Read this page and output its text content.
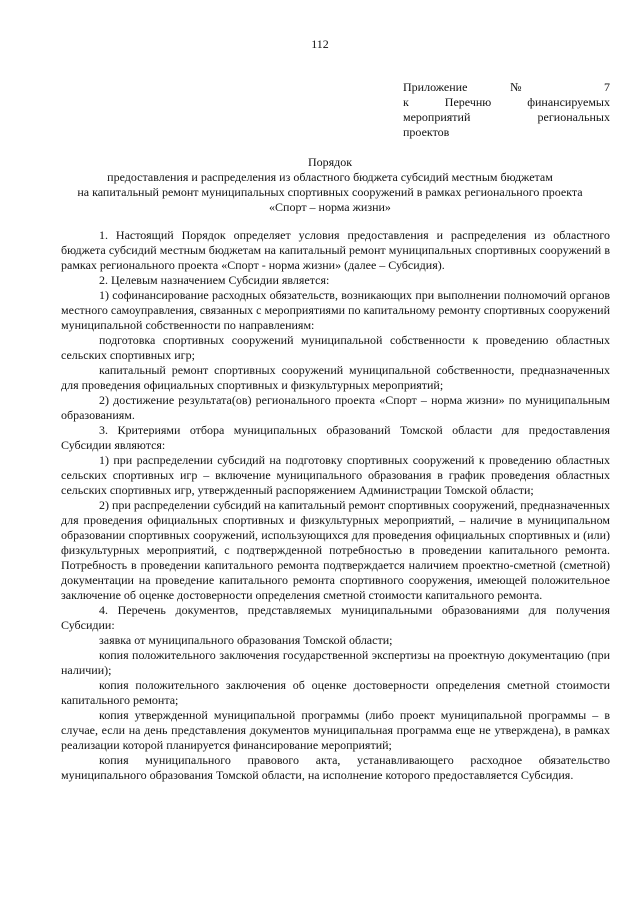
112
Приложение № 7
к Перечню финансируемых
мероприятий региональных
проектов
Порядок
предоставления и распределения из областного бюджета субсидий местным бюджетам
на капитальный ремонт муниципальных спортивных сооружений в рамках регионального проекта
«Спорт – норма жизни»

1. Настоящий Порядок определяет условия предоставления и распределения из областного бюджета субсидий местным бюджетам на капитальный ремонт муниципальных спортивных сооружений в рамках регионального проекта «Спорт - норма жизни» (далее – Субсидия).

2. Целевым назначением Субсидии является:

1) софинансирование расходных обязательств, возникающих при выполнении полномочий органов местного самоуправления, связанных с мероприятиями по капитальному ремонту спортивных сооружений муниципальной собственности по направлениям:

подготовка спортивных сооружений муниципальной собственности к проведению областных сельских спортивных игр;

капитальный ремонт спортивных сооружений муниципальной собственности, предназначенных для проведения официальных спортивных и физкультурных мероприятий;

2) достижение результата(ов) регионального проекта «Спорт – норма жизни» по муниципальным образованиям.

3. Критериями отбора муниципальных образований Томской области для предоставления Субсидии являются:

1) при распределении субсидий на подготовку спортивных сооружений к проведению областных сельских спортивных игр – включение муниципального образования в график проведения областных сельских спортивных игр, утвержденный распоряжением Администрации Томской области;

2) при распределении субсидий на капитальный ремонт спортивных сооружений, предназначенных для проведения официальных спортивных и физкультурных мероприятий, – наличие в муниципальном образовании спортивных сооружений, использующихся для проведения официальных спортивных и (или) физкультурных мероприятий, с подтвержденной потребностью в проведении капитального ремонта. Потребность в проведении капитального ремонта подтверждается наличием проектно-сметной (сметной) документации на проведение капитального ремонта спортивного сооружения, имеющей положительное заключение об оценке достоверности определения сметной стоимости капитального ремонта.

4. Перечень документов, представляемых муниципальными образованиями для получения Субсидии:

заявка от муниципального образования Томской области;

копия положительного заключения государственной экспертизы на проектную документацию (при наличии);

копия положительного заключения об оценке достоверности определения сметной стоимости капитального ремонта;

копия утвержденной муниципальной программы (либо проект муниципальной программы – в случае, если на день представления документов муниципальная программа еще не утверждена), в рамках реализации которой планируется финансирование мероприятий;

копия муниципального правового акта, устанавливающего расходное обязательство муниципального образования Томской области, на исполнение которого предоставляется Субсидия.
